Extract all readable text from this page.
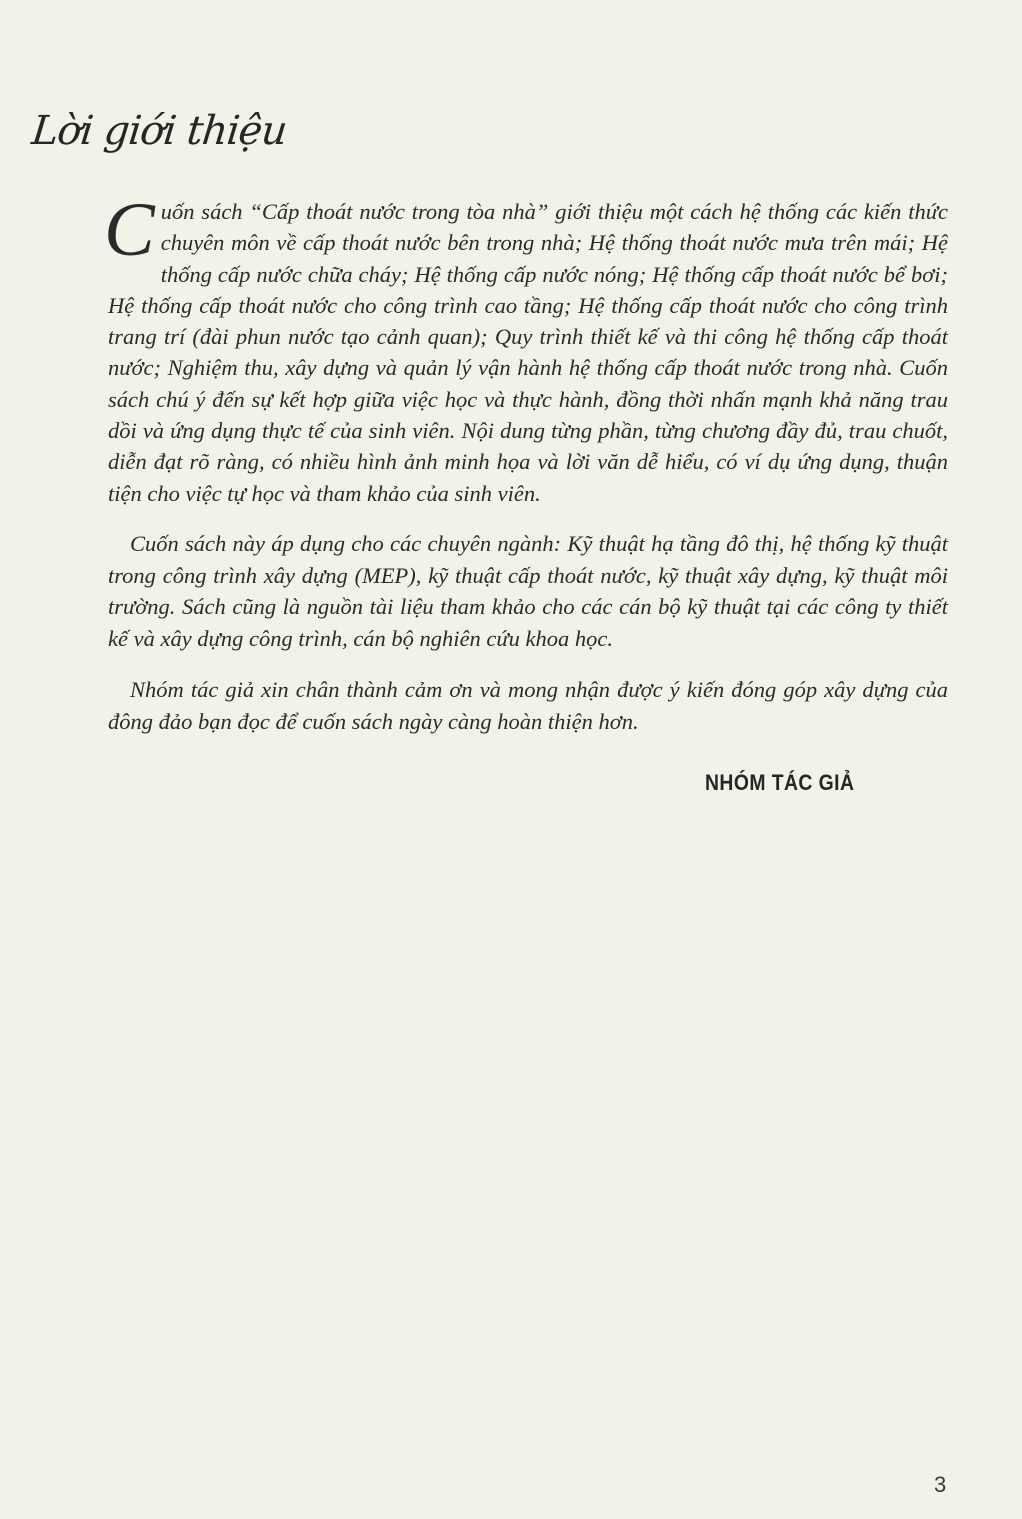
Lời giới thiệu

Cuốn sách “Cấp thoát nước trong tòa nhà” giới thiệu một cách hệ thống các kiến thức chuyên môn về cấp thoát nước bên trong nhà; Hệ thống thoát nước mưa trên mái; Hệ thống cấp nước chữa cháy; Hệ thống cấp nước nóng; Hệ thống cấp thoát nước bể bơi; Hệ thống cấp thoát nước cho công trình cao tầng; Hệ thống cấp thoát nước cho công trình trang trí (đài phun nước tạo cảnh quan); Quy trình thiết kế và thi công hệ thống cấp thoát nước; Nghiệm thu, xây dựng và quản lý vận hành hệ thống cấp thoát nước trong nhà. Cuốn sách chú ý đến sự kết hợp giữa việc học và thực hành, đồng thời nhấn mạnh khả năng trau dồi và ứng dụng thực tế của sinh viên. Nội dung từng phần, từng chương đầy đủ, trau chuốt, diễn đạt rõ ràng, có nhiều hình ảnh minh họa và lời văn dễ hiểu, có ví dụ ứng dụng, thuận tiện cho việc tự học và tham khảo của sinh viên.

Cuốn sách này áp dụng cho các chuyên ngành: Kỹ thuật hạ tầng đô thị, hệ thống kỹ thuật trong công trình xây dựng (MEP), kỹ thuật cấp thoát nước, kỹ thuật xây dựng, kỹ thuật môi trường. Sách cũng là nguồn tài liệu tham khảo cho các cán bộ kỹ thuật tại các công ty thiết kế và xây dựng công trình, cán bộ nghiên cứu khoa học.

Nhóm tác giả xin chân thành cảm ơn và mong nhận được ý kiến đóng góp xây dựng của đông đảo bạn đọc để cuốn sách ngày càng hoàn thiện hơn.

NHÓM TÁC GIẢ
3
